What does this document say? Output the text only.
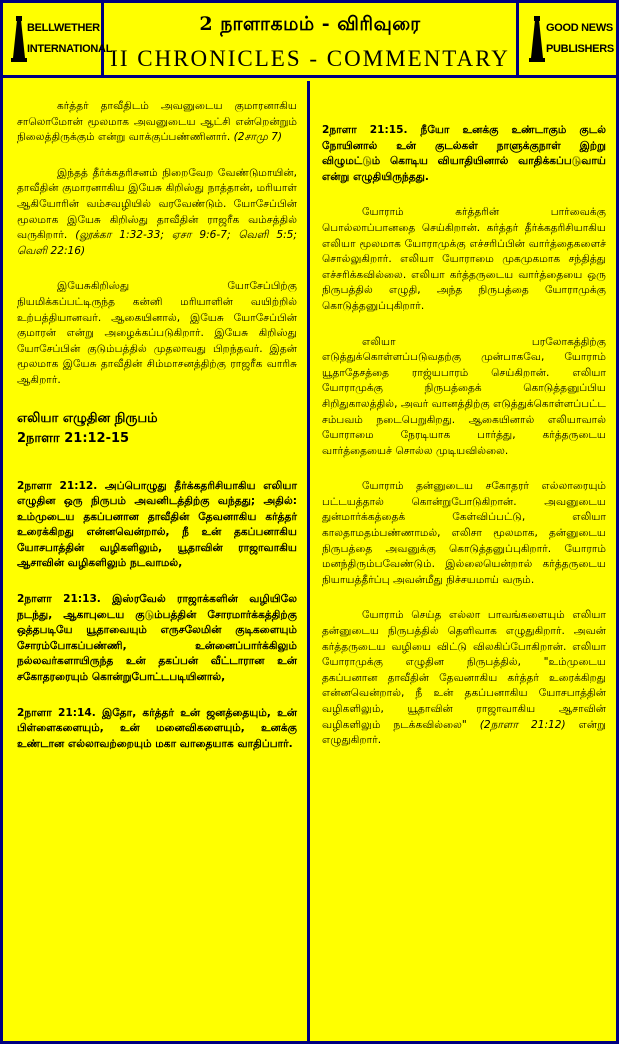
BELLWETHER
INTERNATIONAL
2 நாளாகமம் - விரிவுரை
II CHRONICLES - COMMENTARY
GOOD NEWS
PUBLISHERS

கர்த்தர் தாவீதிடம் அவனுடைய குமாரனாகிய சாலொமோன் மூலமாக அவனுடைய ஆட்சி என்றென்றும் நிலைத்திருக்கும் என்று வாக்குப்பண்ணினார். (2சாமு 7)

இந்தத் தீர்க்கதரிசனம் நிறைவேற வேண்டுமாயின், தாவீதின் குமாரனாகிய இயேசு கிறிஸ்து நாத்தான், மரியாள் ஆகியோரின் வம்சவழியில் வரவேண்டும். யோசேப்பின் மூலமாக இயேசு கிறிஸ்து தாவீதின் ராஜரீக வம்சத்தில் வருகிறார். (லூக்கா 1:32-33; ஏசா 9:6-7; வெளி 5:5; வெளி 22:16)

இயேசுகிறிஸ்து யோசேப்பிற்கு நியமிக்கப்பட்டிருந்த கன்னி மரியாளின் வயிற்றில் உற்பத்தியானவர். ஆகையினால், இயேசு யோசேப்பின் குமாரன் என்று அழைக்கப்படுகிறார். இயேசு கிறிஸ்து யோசேப்பின் குடும்பத்தில் முதலாவது பிறந்தவர். இதன் மூலமாக இயேசு தாவீதின் சிம்மாசனத்திற்கு ராஜரீக வாரிசு ஆகிறார்.

எலியா எழுதின நிருபம்
2நாளா 21:12-15

2நாளா 21:12. அப்பொழுது தீர்க்கதரிசியாகிய எலியா எழுதின ஒரு நிருபம் அவனிடத்திற்கு வந்தது; அதில்: உம்முடைய தகப்பனான தாவீதின் தேவனாகிய கர்த்தர் உரைக்கிறது என்னவென்றால், நீ உன் தகப்பனாகிய யோசபாத்தின் வழிகளிலும், யூதாவின் ராஜாவாகிய ஆசாவின் வழிகளிலும் நடவாமல்,

2நாளா 21:13. இஸ்ரவேல் ராஜாக்களின் வழியிலே நடந்து, ஆகாபுடைய குடும்பத்தின் சோரமார்க்கத்திற்கு ஒத்தபடியே யூதாவையும் எருசலேமின் குடிகளையும் சோரம்போகப்பண்ணி, உன்னைப்பார்க்கிலும் நல்லவர்களாயிருந்த உன் தகப்பன் வீட்டாரான உன் சகோதரரையும் கொன்றுபோட்டபடியினால்,

2நாளா 21:14. இதோ, கர்த்தர் உன் ஜனத்தையும், உன் பிள்ளைகளையும், உன் மனைவிகளையும், உனக்கு உண்டான எல்லாவற்றையும் மகா வாதையாக வாதிப்பார்.

2நாளா 21:15. நீயோ உனக்கு உண்டாகும் குடல் நோயினால் உன் குடல்கள் நாளுக்குநாள் இற்று விழுமட்டும் கொடிய வியாதியினால் வாதிக்கப்படுவாய் என்று எழுதியிருந்தது.

யோராம் கர்த்தரின் பார்வைக்கு பொல்லாப்பானதை செய்கிறான். கர்த்தர் தீர்க்கதரிசியாகிய எலியா மூலமாக யோராமுக்கு எச்சரிப்பின் வார்த்தைகளைச் சொல்லுகிறார். எலியா யோராமை முகமுகமாக சந்தித்து எச்சரிக்கவில்லை. எலியா கர்த்தருடைய வார்த்தையை ஒரு நிருபத்தில் எழுதி, அந்த நிருபத்தை யோராமுக்கு கொடுத்தனுப்புகிறார்.

எலியா பரலோகத்திற்கு எடுத்துக்கொள்ளப்படுவதற்கு முன்பாகவே, யோராம் யூதாதேசத்தை ராஜ்யபாரம் செய்கிறான். எலியா யோராமுக்கு நிருபத்தைக் கொடுத்தனுப்பிய சிறிதுகாலத்தில், அவர் வானத்திற்கு எடுத்துக்கொள்ளப்பட்ட சம்பவம் நடைபெறுகிறது. ஆகையினால் எலியாவால் யோராமை நேரடியாக பார்த்து, கர்த்தருடைய வார்த்தையைச் சொல்ல முடியவில்லை.

யோராம் தன்னுடைய சகோதரர் எல்லாரையும் பட்டயத்தால் கொன்றுபோடுகிறான். அவனுடைய துன்மார்க்கத்தைக் கேள்விப்பட்டு, எலியா காலதாமதம்பண்ணாமல், எலிசா மூலமாக, தன்னுடைய நிருபத்தை அவனுக்கு கொடுத்தனுப்புகிறார். யோராம் மனந்திரும்பவேண்டும். இல்லையென்றால் கர்த்தருடைய நியாயத்தீர்ப்பு அவன்மீது நிச்சயமாய் வரும்.

யோராம் செய்த எல்லா பாவங்களையும் எலியா தன்னுடைய நிருபத்தில் தெளிவாக எழுதுகிறார். அவன் கர்த்தருடைய வழியை விட்டு விலகிப்போகிறான். எலியா யோராமுக்கு எழுதின நிருபத்தில், "உம்முடைய தகப்பனான தாவீதின் தேவனாகிய கர்த்தர் உரைக்கிறது என்னவென்றால், நீ உன் தகப்பனாகிய யோசபாத்தின் வழிகளிலும், யூதாவின் ராஜாவாகிய ஆசாவின் வழிகளிலும் நடக்கவில்லை" (2நாளா 21:12) என்று எழுதுகிறார்.
